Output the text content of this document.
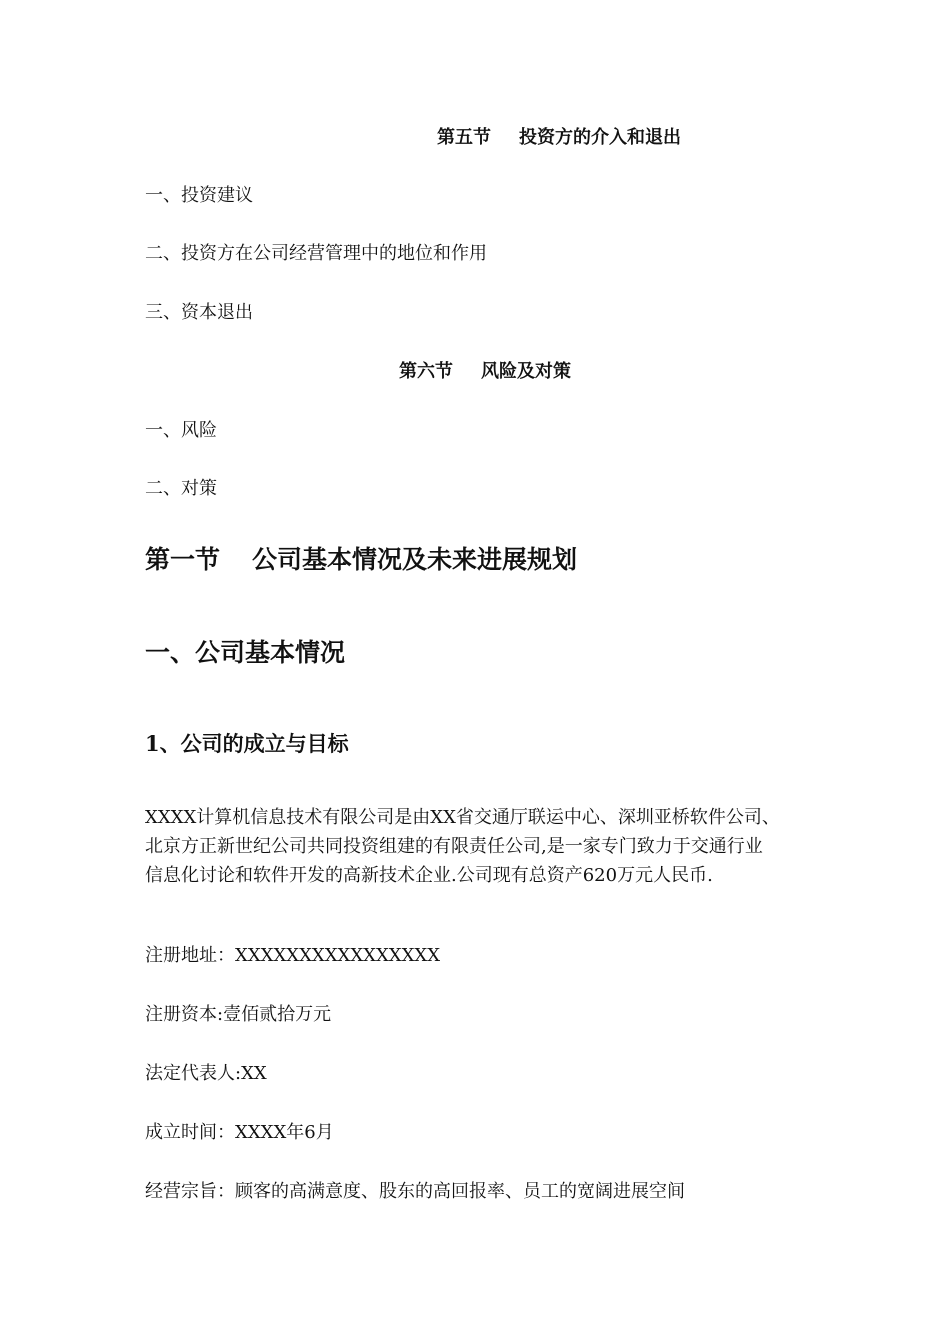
第五节 投资方的介入和退出
一、投资建议
二、投资方在公司经营管理中的地位和作用
三、资本退出
第六节 风险及对策
一、风险
二、对策
第一节 公司基本情况及未来进展规划
一、公司基本情况
1、公司的成立与目标
XXXX计算机信息技术有限公司是由XX省交通厅联运中心、深圳亚桥软件公司、
北京方正新世纪公司共同投资组建的有限责任公司,是一家专门致力于交通行业
信息化讨论和软件开发的高新技术企业.公司现有总资产620万元人民币.
注册地址：XXXXXXXXXXXXXXXX
注册资本:壹佰贰拾万元
法定代表人:XX
成立时间：XXXX年6月
经营宗旨：顾客的高满意度、股东的高回报率、员工的宽阔进展空间
